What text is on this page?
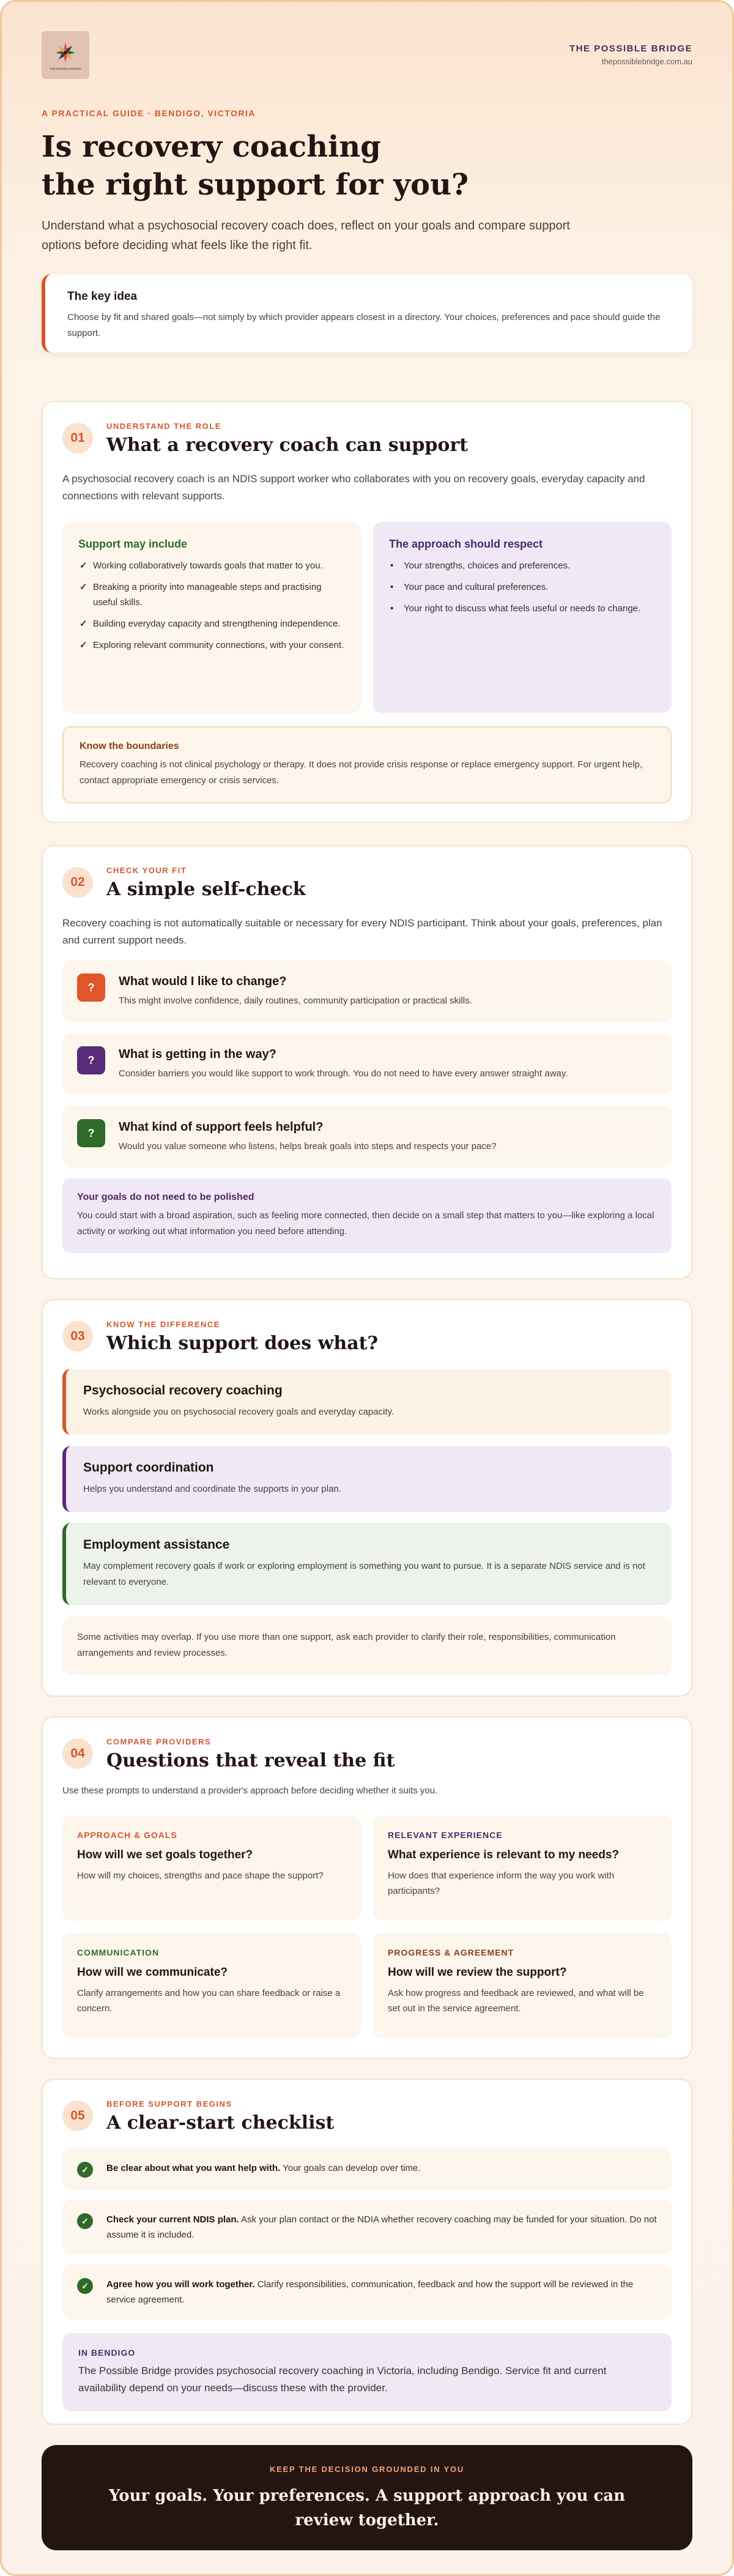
THE POSSIBLE BRIDGE
THE POSSIBLE BRIDGE
thepossiblebridge.com.au
A PRACTICAL GUIDE · BENDIGO, VICTORIA
Is recovery coaching
the right support for you?

Understand what a psychosocial recovery coach does, reflect on your goals and compare support options before deciding what feels like the right fit.

The key idea

Choose by fit and shared goals—not simply by which provider appears closest in a directory. Your choices, preferences and pace should guide the support.

01
UNDERSTAND THE ROLE
What a recovery coach can support

A psychosocial recovery coach is an NDIS support worker who collaborates with you on recovery goals, everyday capacity and connections with relevant supports.

Support may include
✓ Working collaboratively towards goals that matter to you.
✓ Breaking a priority into manageable steps and practising useful skills.
✓ Building everyday capacity and strengthening independence.
✓ Exploring relevant community connections, with your consent.
The approach should respect
• Your strengths, choices and preferences.
• Your pace and cultural preferences.
• Your right to discuss what feels useful or needs to change.
Know the boundaries

Recovery coaching is not clinical psychology or therapy. It does not provide crisis response or replace emergency support. For urgent help, contact appropriate emergency or crisis services.

02
CHECK YOUR FIT
A simple self-check

Recovery coaching is not automatically suitable or necessary for every NDIS participant. Think about your goals, preferences, plan and current support needs.

?	What would I like to change?

This might involve confidence, daily routines, community participation or practical skills.

?	What is getting in the way?

Consider barriers you would like support to work through. You do not need to have every answer straight away.

?	What kind of support feels helpful?

Would you value someone who listens, helps break goals into steps and respects your pace?

Your goals do not need to be polished

You could start with a broad aspiration, such as feeling more connected, then decide on a small step that matters to you—like exploring a local activity or working out what information you need before attending.

03
KNOW THE DIFFERENCE
Which support does what?
Psychosocial recovery coaching

Works alongside you on psychosocial recovery goals and everyday capacity.

Support coordination

Helps you understand and coordinate the supports in your plan.

Employment assistance

May complement recovery goals if work or exploring employment is something you want to pursue. It is a separate NDIS service and is not relevant to everyone.

Some activities may overlap. If you use more than one support, ask each provider to clarify their role, responsibilities, communication arrangements and review processes.
04
COMPARE PROVIDERS
Questions that reveal the fit

Use these prompts to understand a provider's approach before deciding whether it suits you.

APPROACH & GOALS
How will we set goals together?

How will my choices, strengths and pace shape the support?

RELEVANT EXPERIENCE
What experience is relevant to my needs?

How does that experience inform the way you work with participants?

COMMUNICATION
How will we communicate?

Clarify arrangements and how you can share feedback or raise a concern.

PROGRESS & AGREEMENT
How will we review the support?

Ask how progress and feedback are reviewed, and what will be set out in the service agreement.

05
BEFORE SUPPORT BEGINS
A clear-start checklist
✓	Be clear about what you want help with. Your goals can develop over time.

✓	Check your current NDIS plan. Ask your plan contact or the NDIA whether recovery coaching may be funded for your situation. Do not assume it is included.

✓	Agree how you will work together. Clarify responsibilities, communication, feedback and how the support will be reviewed in the service agreement.

IN BENDIGO

The Possible Bridge provides psychosocial recovery coaching in Victoria, including Bendigo. Service fit and current availability depend on your needs—discuss these with the provider.

KEEP THE DECISION GROUNDED IN YOU
Your goals. Your preferences. A support approach you can review together.
